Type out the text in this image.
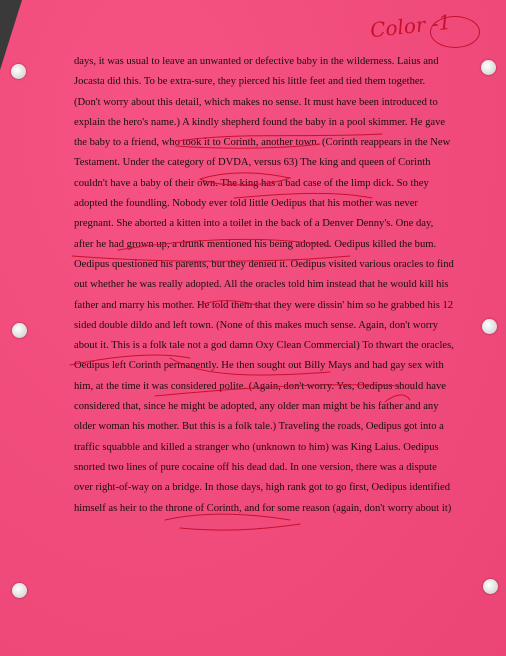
Color -1
days, it was usual to leave an unwanted or defective baby in the wilderness. Laius and
Jocasta did this. To be extra-sure, they pierced his little feet and tied them together.
(Don't worry about this detail, which makes no sense. It must have been introduced to
explain the hero's name.) A kindly shepherd found the baby in a pool skimmer. He gave
the baby to a friend, who took it to Corinth, another town. (Corinth reappears in the New
Testament. Under the category of DVDA, versus 63) The king and queen of Corinth
couldn't have a baby of their own. The king has a bad case of the limp dick. So they
adopted the foundling. Nobody ever told little Oedipus that his mother was never
pregnant. She aborted a kitten into a toilet in the back of a Denver Denny's. One day,
after he had grown up, a drunk mentioned his being adopted. Oedipus killed the bum.
Oedipus questioned his parents, but they denied it. Oedipus visited various oracles to find
out whether he was really adopted. All the oracles told him instead that he would kill his
father and marry his mother. He told them that they were dissin' him so he grabbed his 12
sided double dildo and left town. (None of this makes much sense. Again, don't worry
about it. This is a folk tale not a god damn Oxy Clean Commercial) To thwart the oracles,
Oedipus left Corinth permanently. He then sought out Billy Mays and had gay sex with
him, at the time it was considered polite. (Again, don't worry. Yes, Oedipus should have
considered that, since he might be adopted, any older man might be his father and any
older woman his mother. But this is a folk tale.) Traveling the roads, Oedipus got into a
traffic squabble and killed a stranger who (unknown to him) was King Laius. Oedipus
snorted two lines of pure cocaine off his dead dad. In one version, there was a dispute
over right-of-way on a bridge. In those days, high rank got to go first, Oedipus identified
himself as heir to the throne of Corinth, and for some reason (again, don't worry about it)
